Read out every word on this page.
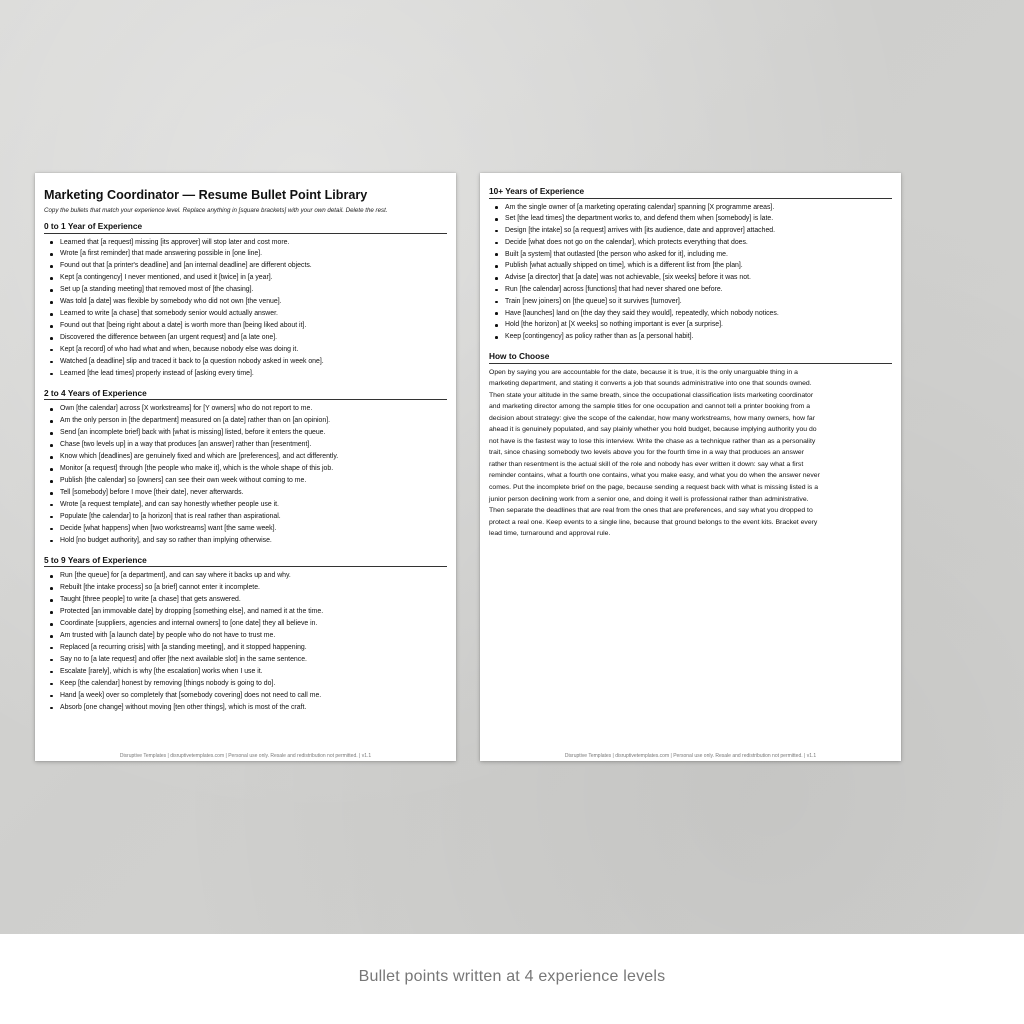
Marketing Coordinator — Resume Bullet Point Library
Copy the bullets that match your experience level. Replace anything in [square brackets] with your own detail. Delete the rest.
0 to 1 Year of Experience
Learned that [a request] missing [its approver] will stop later and cost more.
Wrote [a first reminder] that made answering possible in [one line].
Found out that [a printer's deadline] and [an internal deadline] are different objects.
Kept [a contingency] I never mentioned, and used it [twice] in [a year].
Set up [a standing meeting] that removed most of [the chasing].
Was told [a date] was flexible by somebody who did not own [the venue].
Learned to write [a chase] that somebody senior would actually answer.
Found out that [being right about a date] is worth more than [being liked about it].
Discovered the difference between [an urgent request] and [a late one].
Kept [a record] of who had what and when, because nobody else was doing it.
Watched [a deadline] slip and traced it back to [a question nobody asked in week one].
Learned [the lead times] properly instead of [asking every time].
2 to 4 Years of Experience
Own [the calendar] across [X workstreams] for [Y owners] who do not report to me.
Am the only person in [the department] measured on [a date] rather than on [an opinion].
Send [an incomplete brief] back with [what is missing] listed, before it enters the queue.
Chase [two levels up] in a way that produces [an answer] rather than [resentment].
Know which [deadlines] are genuinely fixed and which are [preferences], and act differently.
Monitor [a request] through [the people who make it], which is the whole shape of this job.
Publish [the calendar] so [owners] can see their own week without coming to me.
Tell [somebody] before I move [their date], never afterwards.
Wrote [a request template], and can say honestly whether people use it.
Populate [the calendar] to [a horizon] that is real rather than aspirational.
Decide [what happens] when [two workstreams] want [the same week].
Hold [no budget authority], and say so rather than implying otherwise.
5 to 9 Years of Experience
Run [the queue] for [a department], and can say where it backs up and why.
Rebuilt [the intake process] so [a brief] cannot enter it incomplete.
Taught [three people] to write [a chase] that gets answered.
Protected [an immovable date] by dropping [something else], and named it at the time.
Coordinate [suppliers, agencies and internal owners] to [one date] they all believe in.
Am trusted with [a launch date] by people who do not have to trust me.
Replaced [a recurring crisis] with [a standing meeting], and it stopped happening.
Say no to [a late request] and offer [the next available slot] in the same sentence.
Escalate [rarely], which is why [the escalation] works when I use it.
Keep [the calendar] honest by removing [things nobody is going to do].
Hand [a week] over so completely that [somebody covering] does not need to call me.
Absorb [one change] without moving [ten other things], which is most of the craft.
Disruptive Templates | disruptivetemplates.com | Personal use only. Resale and redistribution not permitted. | v1.1
10+ Years of Experience
Am the single owner of [a marketing operating calendar] spanning [X programme areas].
Set [the lead times] the department works to, and defend them when [somebody] is late.
Design [the intake] so [a request] arrives with [its audience, date and approver] attached.
Decide [what does not go on the calendar], which protects everything that does.
Built [a system] that outlasted [the person who asked for it], including me.
Publish [what actually shipped on time], which is a different list from [the plan].
Advise [a director] that [a date] was not achievable, [six weeks] before it was not.
Run [the calendar] across [functions] that had never shared one before.
Train [new joiners] on [the queue] so it survives [turnover].
Have [launches] land on [the day they said they would], repeatedly, which nobody notices.
Hold [the horizon] at [X weeks] so nothing important is ever [a surprise].
Keep [contingency] as policy rather than as [a personal habit].
How to Choose

Open by saying you are accountable for the date, because it is true, it is the only unarguable thing in a
marketing department, and stating it converts a job that sounds administrative into one that sounds owned.
Then state your altitude in the same breath, since the occupational classification lists marketing coordinator
and marketing director among the sample titles for one occupation and cannot tell a printer booking from a
decision about strategy: give the scope of the calendar, how many workstreams, how many owners, how far
ahead it is genuinely populated, and say plainly whether you hold budget, because implying authority you do
not have is the fastest way to lose this interview. Write the chase as a technique rather than as a personality
trait, since chasing somebody two levels above you for the fourth time in a way that produces an answer
rather than resentment is the actual skill of the role and nobody has ever written it down: say what a first
reminder contains, what a fourth one contains, what you make easy, and what you do when the answer never
comes. Put the incomplete brief on the page, because sending a request back with what is missing listed is a
junior person declining work from a senior one, and doing it well is professional rather than administrative.
Then separate the deadlines that are real from the ones that are preferences, and say what you dropped to
protect a real one. Keep events to a single line, because that ground belongs to the event kits. Bracket every
lead time, turnaround and approval rule.

Disruptive Templates | disruptivetemplates.com | Personal use only. Resale and redistribution not permitted. | v1.1
Bullet points written at 4 experience levels
